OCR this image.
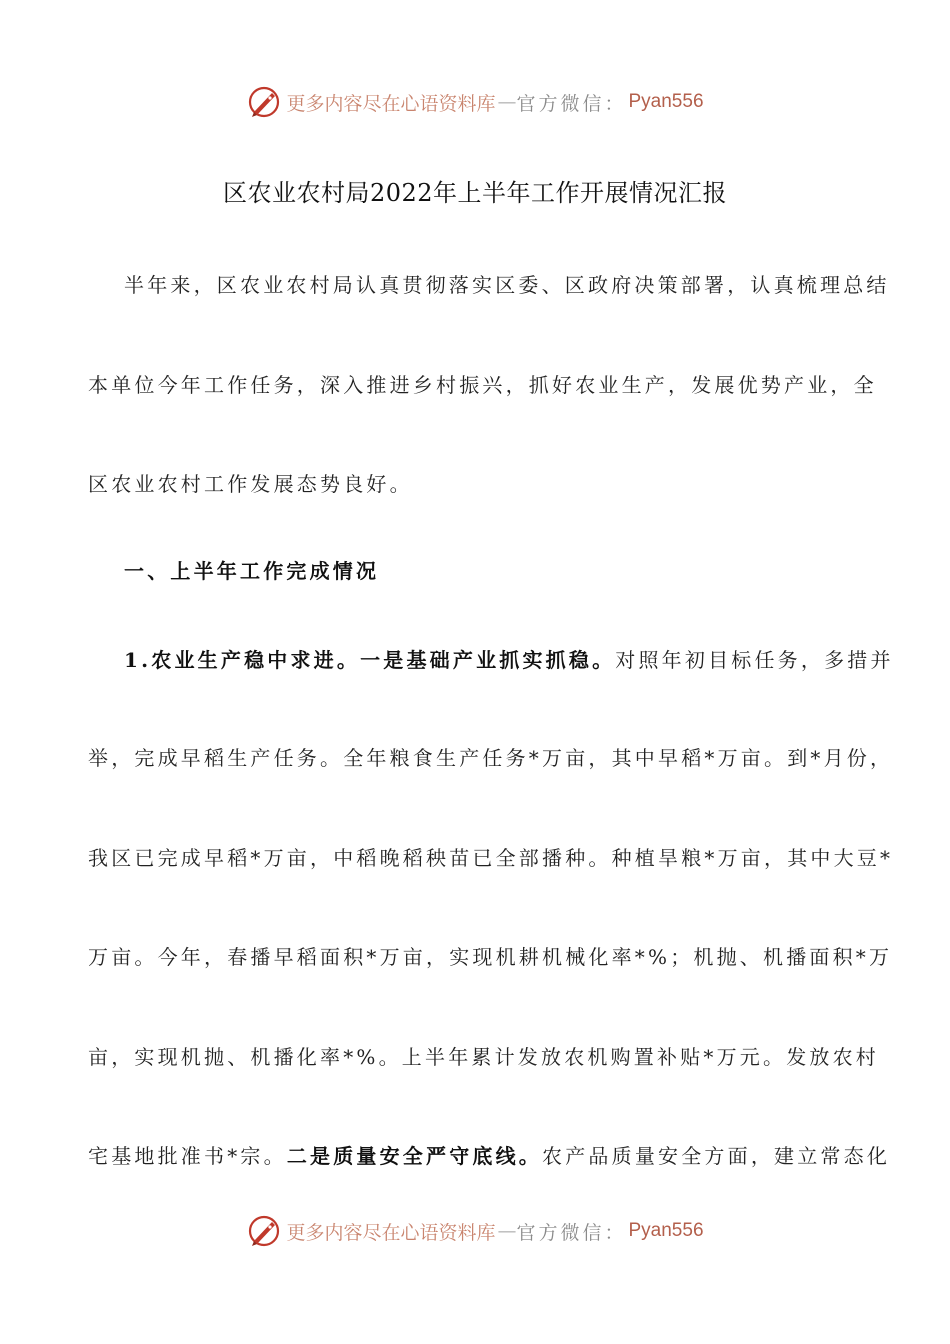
更多内容尽在心语资料库 — 官方微信： Pyan556
区农业农村局2022年上半年工作开展情况汇报
半年来，区农业农村局认真贯彻落实区委、区政府决策部署，认真梳理总结
本单位今年工作任务，深入推进乡村振兴，抓好农业生产，发展优势产业，全
区农业农村工作发展态势良好。
一、上半年工作完成情况
1.农业生产稳中求进。一是基础产业抓实抓稳。对照年初目标任务，多措并
举，完成早稻生产任务。全年粮食生产任务*万亩，其中早稻*万亩。到*月份，
我区已完成早稻*万亩，中稻晚稻秧苗已全部播种。种植旱粮*万亩，其中大豆*
万亩。今年，春播早稻面积*万亩，实现机耕机械化率*%；机抛、机播面积*万
亩，实现机抛、机播化率*%。上半年累计发放农机购置补贴*万元。发放农村
宅基地批准书*宗。二是质量安全严守底线。农产品质量安全方面，建立常态化
更多内容尽在心语资料库 — 官方微信： Pyan556
